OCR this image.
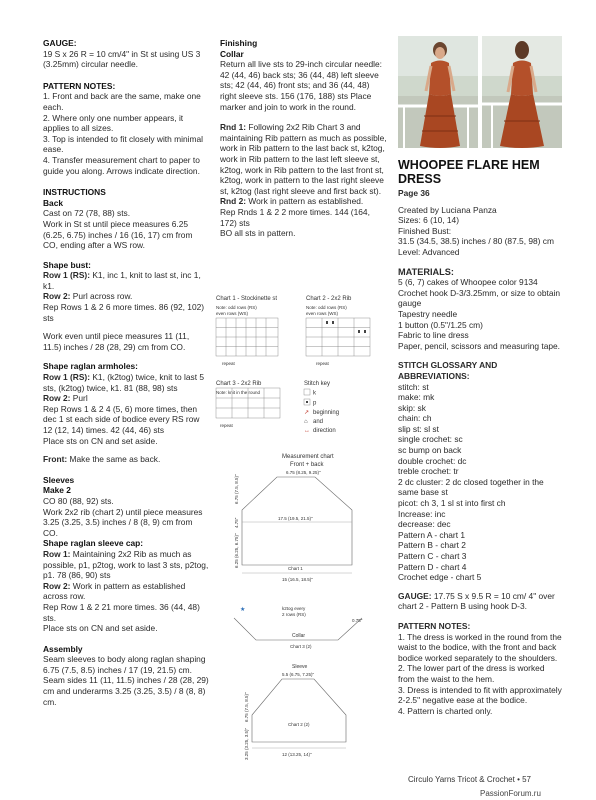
GAUGE:

19 S x 26 R = 10 cm/4" in St st using US 3 (3.25mm) circular needle.

PATTERN NOTES:

1. Front and back are the same, make one each.

2. Where only one number appears, it applies to all sizes.

3. Top is intended to fit closely with minimal ease.

4. Transfer measurement chart to paper to guide you along. Arrows indicate direction.

INSTRUCTIONS
Back

Cast on 72 (78, 88) sts.

Work in St st until piece measures 6.25 (6.25, 6.75) inches / 16 (16, 17) cm from CO, ending after a WS row.

Shape bust:

Row 1 (RS): K1, inc 1, knit to last st, inc 1, k1.

Row 2: Purl across row.

Rep Rows 1 & 2 6 more times. 86 (92, 102) sts

Work even until piece measures 11 (11, 11.5) inches / 28 (28, 29) cm from CO.

Shape raglan armholes:

Row 1 (RS): K1, (k2tog) twice, knit to last 5 sts, (k2tog) twice, k1. 81 (88, 98) sts

Row 2: Purl

Rep Rows 1 & 2 4 (5, 6) more times, then dec 1 st each side of bodice every RS row 12 (12, 14) times. 42 (44, 46) sts

Place sts on CN and set aside.

Front: Make the same as back.

Sleeves
Make 2

CO 80 (88, 92) sts.

Work 2x2 rib (chart 2) until piece measures 3.25 (3.25, 3.5) inches / 8 (8, 9) cm from CO.

Shape raglan sleeve cap:

Row 1: Maintaining 2x2 Rib as much as possible, p1, p2tog, work to last 3 sts, p2tog, p1. 78 (86, 90) sts

Row 2: Work in pattern as established across row.

Rep Row 1 & 2 21 more times. 36 (44, 48) sts.

Place sts on CN and set aside.

Assembly

Seam sleeves to body along raglan shaping 6.75 (7.5, 8.5) inches / 17 (19, 21.5) cm.

Seam sides 11 (11, 11.5) inches / 28 (28, 29) cm and underarms 3.25 (3.25, 3.5) / 8 (8, 8) cm.

Finishing
Collar

Return all live sts to 29-inch circular needle: 42 (44, 46) back sts; 36 (44, 48) left sleeve sts; 42 (44, 46) front sts; and 36 (44, 48) right sleeve sts. 156 (176, 188) sts Place marker and join to work in the round.

Rnd 1: Following 2x2 Rib Chart 3 and maintaining Rib pattern as much as possible, work in Rib pattern to the last back st, k2tog, work in Rib pattern to the last left sleeve st, k2tog, work in Rib pattern to the last front st, k2tog, work in pattern to the last right sleeve st, k2tog (last right sleeve and first back st).

Rnd 2: Work in pattern as established.

Rep Rnds 1 & 2 2 more times. 144 (164, 172) sts

BO all sts in pattern.

Chart 1 - Stockinette st
Note: odd rows (RS)
even rows (WS)
repeat
Chart 2 - 2x2 Rib
Note: odd rows (RS)
even rows (WS)
repeat
Chart 3 - 2x2 Rib
Note: knit in the round
repeat
Stitch key
k
p
↗ beginning
⌂ and
↔ direction
Measurement chart
Front + back
6.75 (8.25, 9.25)"
17.5 (19.5, 21.5)"
15 (16.5, 18.5)"
Chart 1
6.75 (7.5, 8.5)"
4.75"
6.25 (6.25, 6.75)"
★	k2tog every
2 rows (RS)
Collar
Chart 3 (2)
0.75"
Sleeve
5.5 (6.75, 7.25)"
Chart 2 (2)
12 (13.25, 14)"
6.75 (7.5, 8.5)"
3.25 (3.25, 3.5)"
WHOOPEE FLARE HEM DRESS
Page 36

Created by Luciana Panza

Sizes: 6 (10, 14)

Finished Bust:

31.5 (34.5, 38.5) inches / 80 (87.5, 98) cm

Level: Advanced

MATERIALS:

5 (6, 7) cakes of Whoopee color 9134

Crochet hook D-3/3.25mm, or size to obtain gauge

Tapestry needle

1 button (0.5"/1.25 cm)

Fabric to line dress

Paper, pencil, scissors and measuring tape.

STITCH GLOSSARY AND ABBREVIATIONS:

stitch: st

make: mk

skip: sk

chain: ch

slip st: sl st

single crochet: sc

sc bump on back

double crochet: dc

treble crochet: tr

2 dc cluster: 2 dc closed together in the same base st

picot: ch 3, 1 sl st into first ch

Increase: inc

decrease: dec

Pattern A - chart 1

Pattern B - chart 2

Pattern C - chart 3

Pattern D - chart 4

Crochet edge - chart 5

GAUGE: 17.75 S x 9.5 R = 10 cm/ 4" over chart 2 - Pattern B using hook D-3.

PATTERN NOTES:

1. The dress is worked in the round from the waist to the bodice, with the front and back bodice worked separately to the shoulders.

2. The lower part of the dress is worked from the waist to the hem.

3. Dress is intended to fit with approximately 2-2.5" negative ease at the bodice.

4. Pattern is charted only.

Circulo Yarns Tricot & Crochet • 57
PassionForum.ru
